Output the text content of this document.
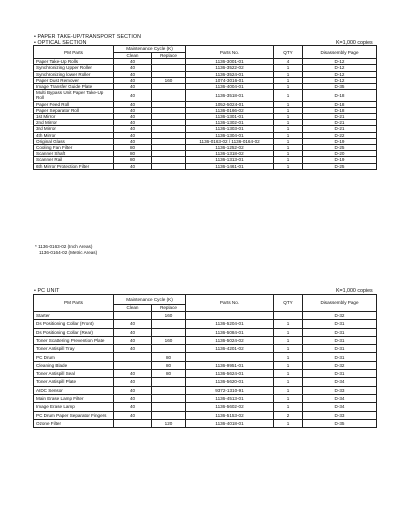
• PAPER TAKE-UP/TRANSPORT SECTION
• OPTICAL SECTION	K=1,000 copies
PM Parts	Maintenance Cycle (K)		Parts No.	QTY	Disassembly Page
	Clean	Replace			
Paper Take-Up Rolls	40		1136-3001-01	4	D-12
Synchronizing Upper Roller	40		1136-3522-02	1	D-12
Synchronizing lower Roller	40		1136-3524-01	1	D-12
Paper Dust Remover	40	160	1074-3016-01	1	D-12
Image Transfer Guide Plate	40		1136-4004-01	1	D-35
Multi Bypass Unit Paper Take-Up Roll	40		1136-3518-01	1	D-18
Paper Feed Roll	40		1052-5024-01	1	D-18
Paper Separator Roll	40		1136-0166-02	1	D-18
1st Mirror	40		1136-1301-01	1	D-21
2nd Mirror	40		1136-1302-01	1	D-21
3rd Mirror	40		1136-1303-01	1	D-21
4th Mirror	40		1136-1304-01	1	D-22
Original Glass	40		1136-0163-02 / 1136-0164-02	1	D-19
Cooling Fan Filter	80		1136-1252-02	1	D-25
Scanner Shaft	80		1136-1318-02	1	D-20
Scanner Rail	80		1136-1313-01	1	D-19
6th Mirror Protection Filter	40		1136-1461-01	1	D-25
* 1136-0163-02 (Inch Areas)
1136-0164-02 (Metric Areas)
• PC UNIT	K=1,000 copies
PM Parts	Maintenance Cycle (K)		Parts No.	QTY	Disassembly Page
	Clean	Replace			
Starter		160			D-32
Ds Positioning Collar (Front)	40		1136-5204-01	1	D-31
Ds Positioning Collar (Rear)	40		1136-5084-01	1	D-31
Toner Scattering Prevention Plate	40	160	1136-5024-02	1	D-31
Toner Antispill Tray	40		1136-4201-02	1	D-31
PC Drum		80		1	D-31
Cleaning Blade		80	1136-9951-01	1	D-32
Toner Antispill Seal	40	80	1136-5624-01	1	D-31
Toner Antispill Plate	40		1136-5620-01	1	D-34
AIDC Sensor	40		9372-1310-91	1	D-33
Main Erase Lamp Filter	40		1136-4513-01	1	D-34
Image Erase Lamp	40		1136-5602-02	1	D-34
PC Drum Paper Separator Fingers	40		1136-5153-02	2	D-33
Ozone Filter		120	1136-4018-01	1	D-35
